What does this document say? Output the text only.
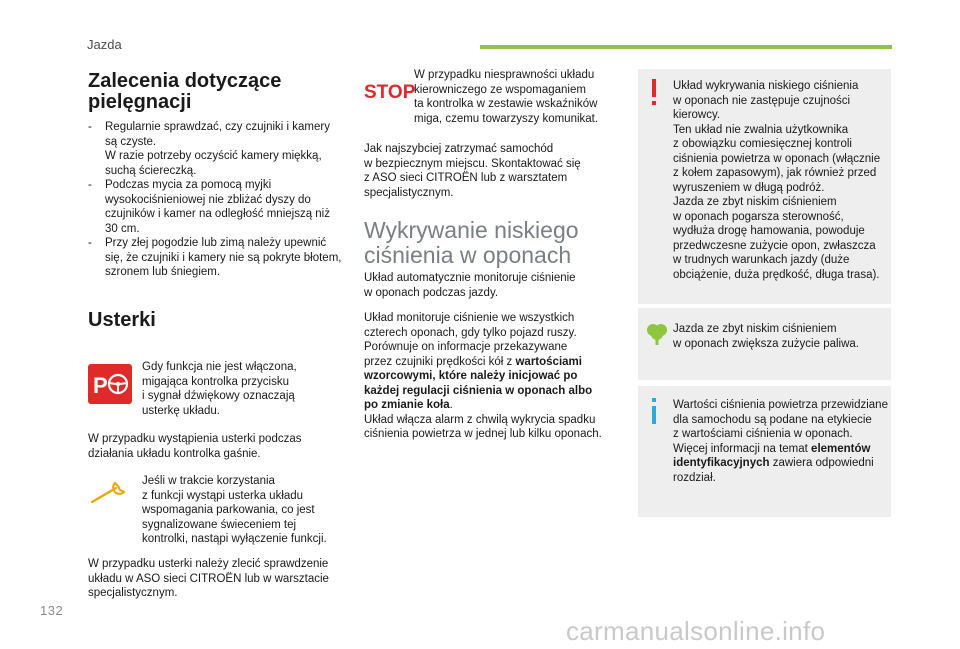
Jazda
Zalecenia dotyczące
pielęgnacji
- Regularnie sprawdzać, czy czujniki i kamery są czyste.
W razie potrzeby oczyścić kamery miękką, suchą ściereczką.
- Podczas mycia za pomocą myjki wysokociśnieniowej nie zbliżać dyszy do czujników i kamer na odległość mniejszą niż 30 cm.
- Przy złej pogodzie lub zimą należy upewnić się, że czujniki i kamery nie są pokryte błotem, szronem lub śniegiem.
Usterki
P

Gdy funkcja nie jest włączona,
migająca kontrolka przycisku
i sygnał dźwiękowy oznaczają
usterkę układu.

W przypadku wystąpienia usterki podczas
działania układu kontrolka gaśnie.

Jeśli w trakcie korzystania
z funkcji wystąpi usterka układu
wspomagania parkowania, co jest
sygnalizowane świeceniem tej
kontrolki, nastąpi wyłączenie funkcji.

W przypadku usterki należy zlecić sprawdzenie
układu w ASO sieci CITROËN lub w warsztacie
specjalistycznym.

STOP

W przypadku niesprawności układu
kierowniczego ze wspomaganiem
ta kontrolka w zestawie wskaźników
miga, czemu towarzyszy komunikat.

Jak najszybciej zatrzymać samochód
w bezpiecznym miejscu. Skontaktować się
z ASO sieci CITROËN lub z warsztatem
specjalistycznym.

Wykrywanie niskiego
ciśnienia w oponach

Układ automatycznie monitoruje ciśnienie
w oponach podczas jazdy.

Układ monitoruje ciśnienie we wszystkich
czterech oponach, gdy tylko pojazd ruszy.
Porównuje on informacje przekazywane
przez czujniki prędkości kół z wartościami
wzorcowymi, które należy inicjować po
każdej regulacji ciśnienia w oponach albo
po zmianie koła.
Układ włącza alarm z chwilą wykrycia spadku
ciśnienia powietrza w jednej lub kilku oponach.

Układ wykrywania niskiego ciśnienia
w oponach nie zastępuje czujności
kierowcy.
Ten układ nie zwalnia użytkownika
z obowiązku comiesięcznej kontroli
ciśnienia powietrza w oponach (włącznie
z kołem zapasowym), jak również przed
wyruszeniem w długą podróż.
Jazda ze zbyt niskim ciśnieniem
w oponach pogarsza sterowność,
wydłuża drogę hamowania, powoduje
przedwczesne zużycie opon, zwłaszcza
w trudnych warunkach jazdy (duże
obciążenie, duża prędkość, długa trasa).
Jazda ze zbyt niskim ciśnieniem
w oponach zwiększa zużycie paliwa.
Wartości ciśnienia powietrza przewidziane
dla samochodu są podane na etykiecie
z wartościami ciśnienia w oponach.
Więcej informacji na temat elementów
identyfikacyjnych zawiera odpowiedni
rozdział.
132
carmanualsonline.info
